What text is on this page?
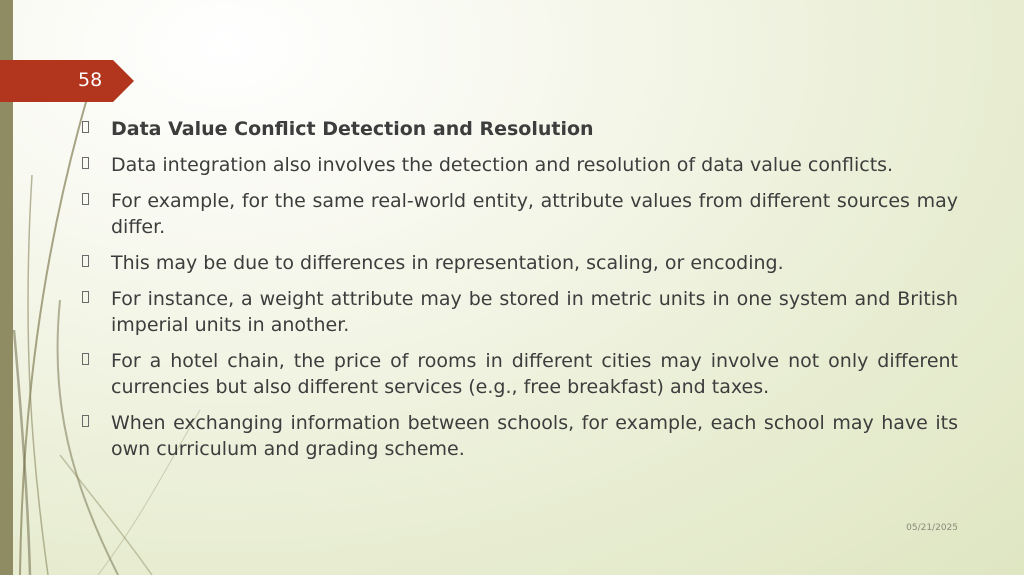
58
Data Value Conflict Detection and Resolution
Data integration also involves the detection and resolution of data value conflicts.
For example, for the same real-world entity, attribute values from different sources may differ.
This may be due to differences in representation, scaling, or encoding.
For instance, a weight attribute may be stored in metric units in one system and British imperial units in another.
For a hotel chain, the price of rooms in different cities may involve not only different currencies but also different services (e.g., free breakfast) and taxes.
When exchanging information between schools, for example, each school may have its own curriculum and grading scheme.
05/21/2025
